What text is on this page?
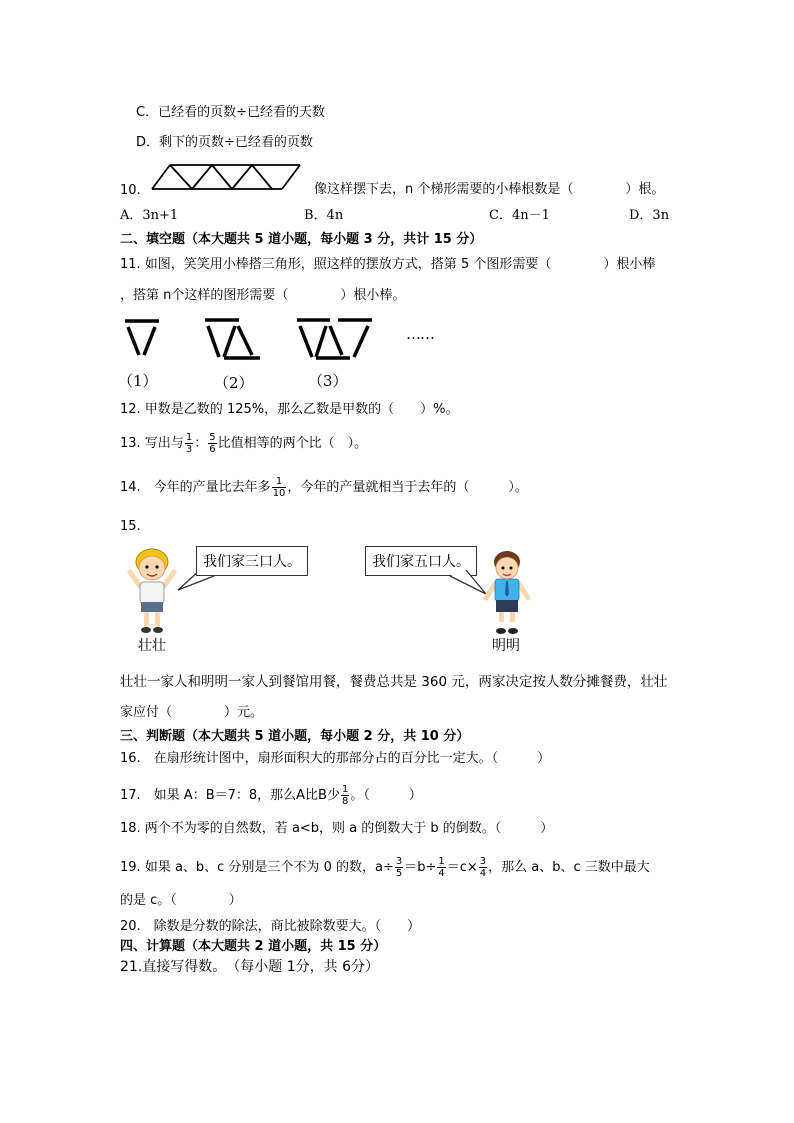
C．已经看的页数÷已经看的天数
D．剩下的页数÷已经看的页数
10.	像这样摆下去，n 个梯形需要的小棒根数是（　　　　）根。
A．3n+1	B．4n	C．4n－1	D．3n
二、填空题（本大题共 5 道小题，每小题 3 分，共计 15 分）
11. 如图，笑笑用小棒搭三角形，照这样的摆放方式，搭第 5 个图形需要（　　　　）根小棒
，搭第 n个这样的图形需要（　　　　）根小棒。
……
（1）	（2）	（3）
12. 甲数是乙数的 125%，那么乙数是甲数的（　　）%。
13. 写出与 $\frac{1}{3}$ ： $\frac{5}{6}$ 比值相等的两个比（　）。
14.　今年的产量比去年多 $\frac{1}{10}$ ，今年的产量就相当于去年的（　　　）。
15.
我们家三口人。	我们家五口人。
壮壮	明明
壮壮一家人和明明一家人到餐馆用餐，餐费总共是 360 元，两家决定按人数分摊餐费，壮壮
家应付（　　　　）元。
三、判断题（本大题共 5 道小题，每小题 2 分，共 10 分）
16.　在扇形统计图中，扇形面积大的那部分占的百分比一定大。（　　　）
17.　如果 A：B＝7：8，那么A比B少 $\frac{1}{8}$ 。（　　　）
18. 两个不为零的自然数，若 a<b，则 a 的倒数大于 b 的倒数。（　　　）
19. 如果 a、b、c 分别是三个不为 0 的数，$a\div \frac{3}{5} =b\div \frac{1}{4} =c\times \frac{3}{4}$ ，那么 a、b、c 三数中最大
的是 c。（　　　　）
20.　除数是分数的除法，商比被除数要大。（　　）
四、计算题（本大题共 2 道小题，共 15 分）
21.直接写得数。　（每小题 1分，共 6分）
